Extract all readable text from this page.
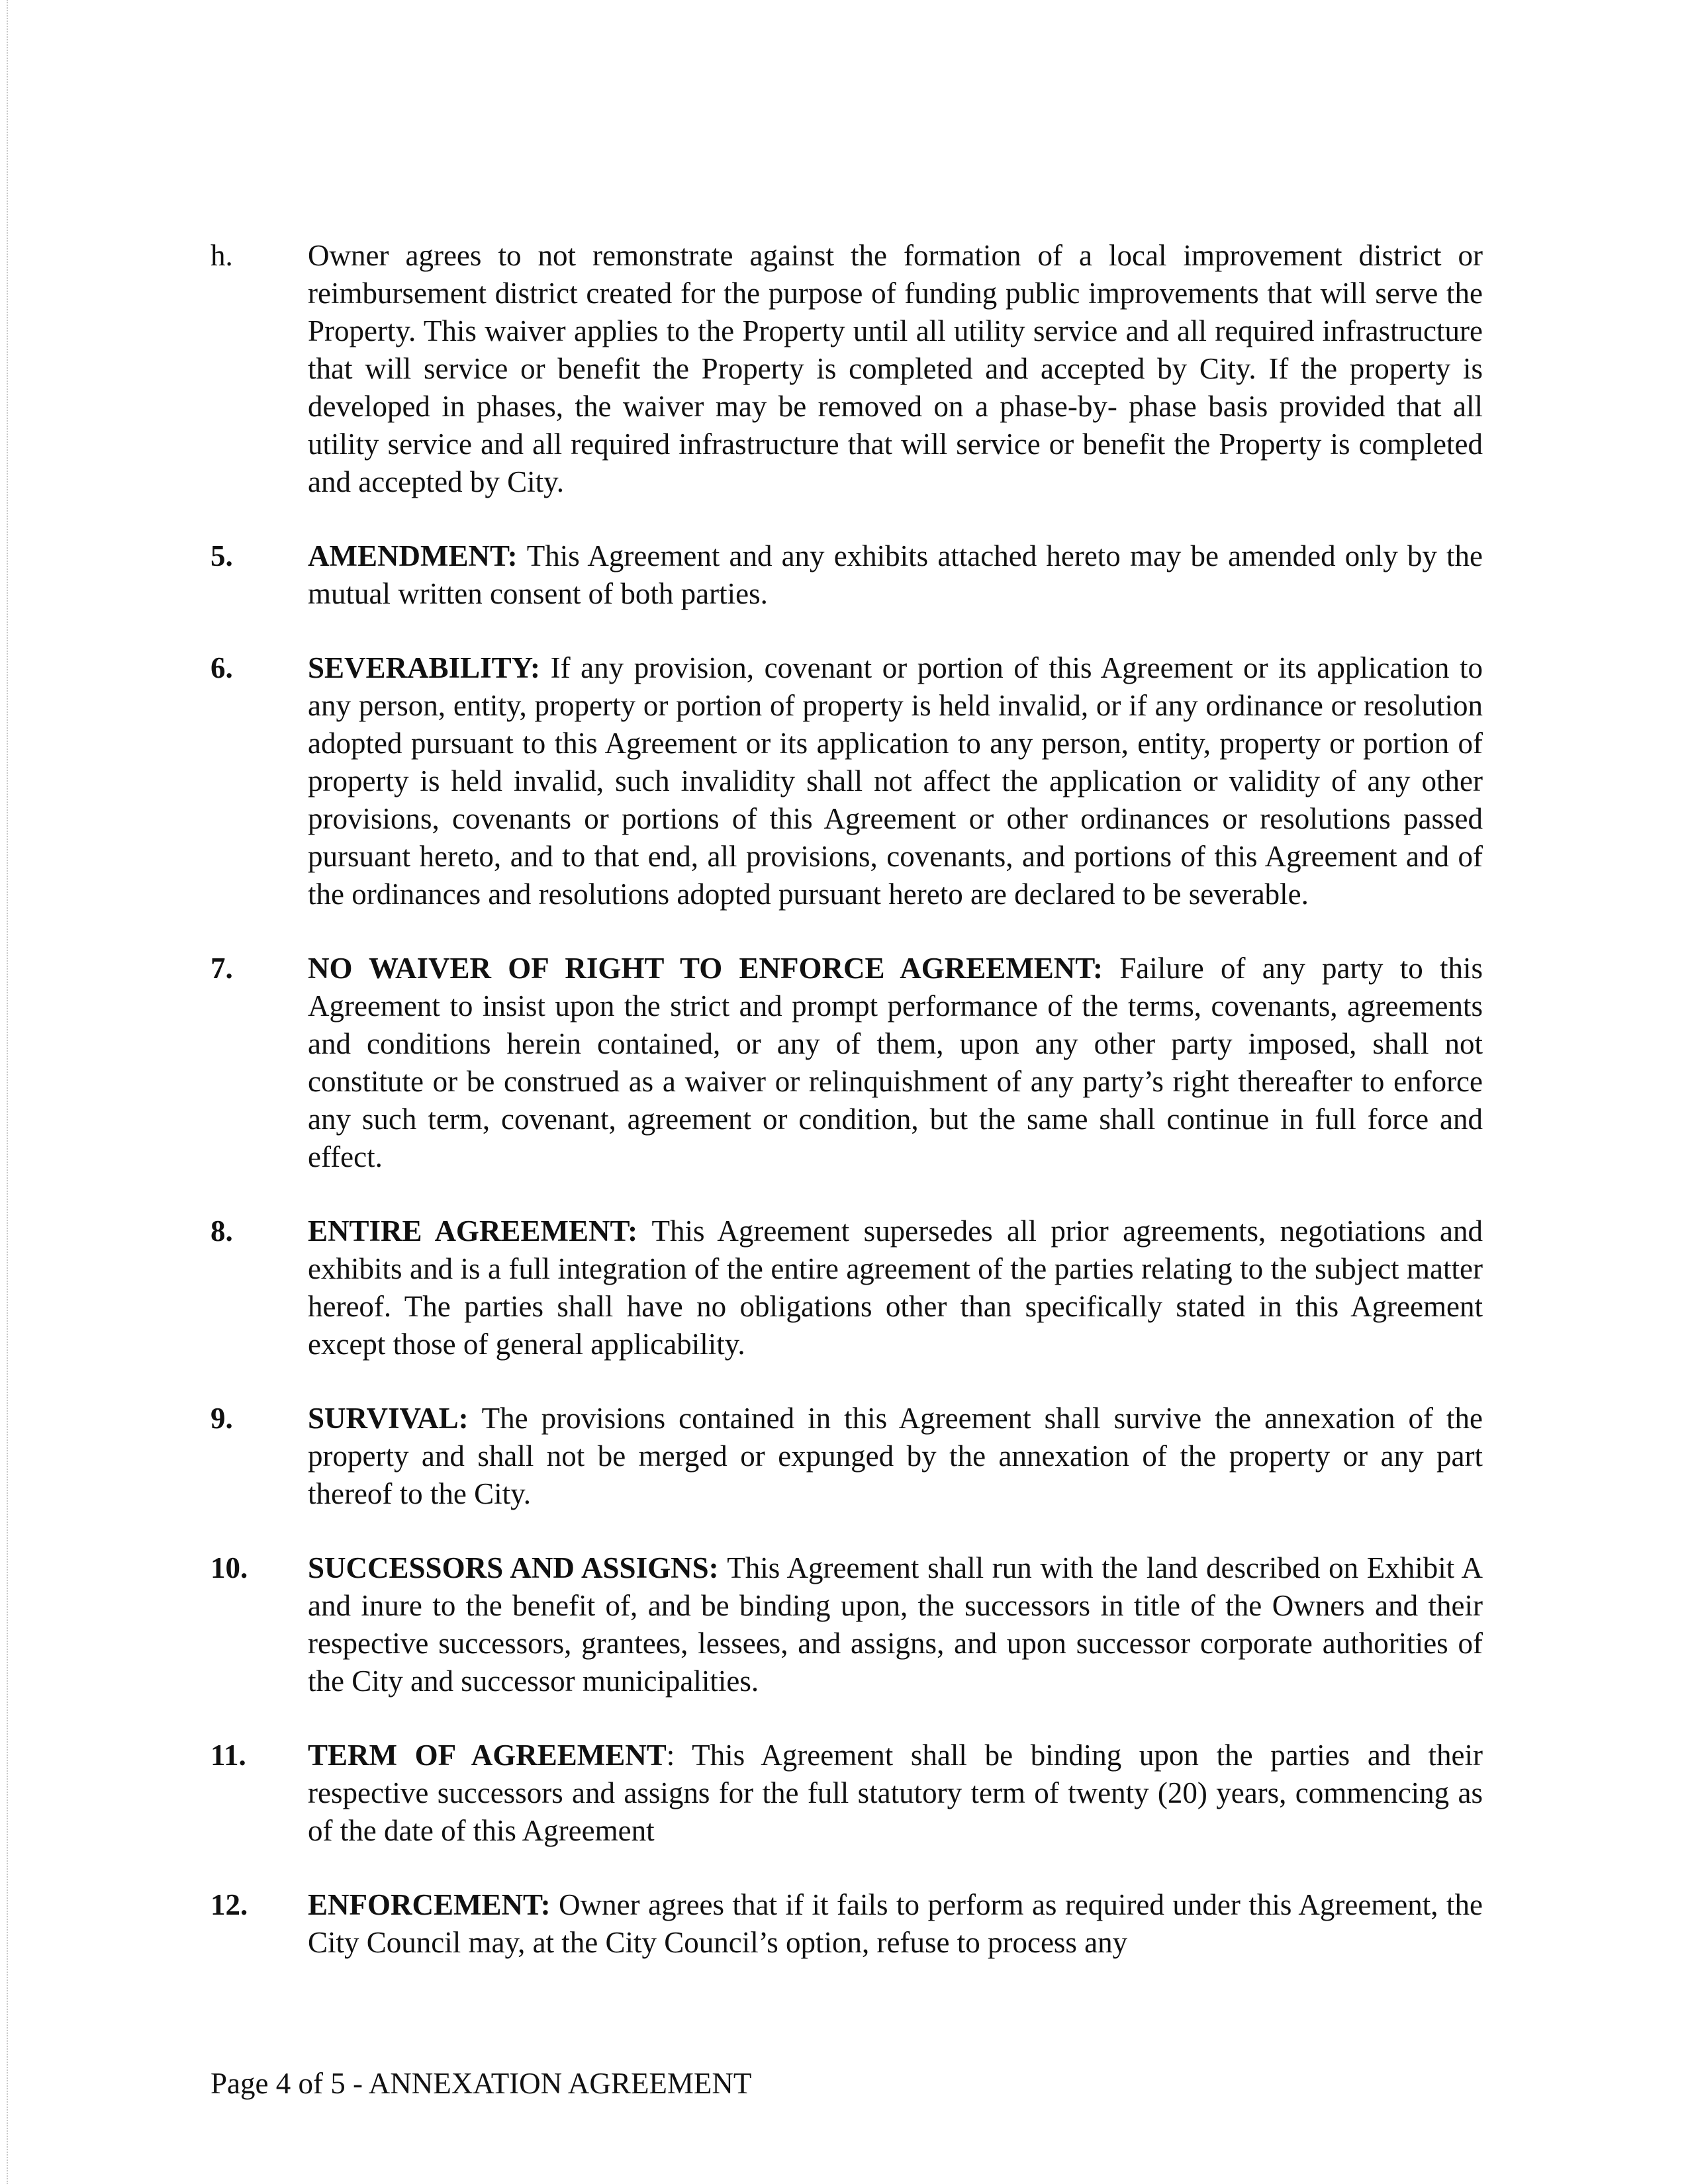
h.	Owner agrees to not remonstrate against the formation of a local improvement district or reimbursement district created for the purpose of funding public improvements that will serve the Property. This waiver applies to the Property until all utility service and all required infrastructure that will service or benefit the Property is completed and accepted by City. If the property is developed in phases, the waiver may be removed on a phase-by- phase basis provided that all utility service and all required infrastructure that will service or benefit the Property is completed and accepted by City.
5.	AMENDMENT: This Agreement and any exhibits attached hereto may be amended only by the mutual written consent of both parties.
6.	SEVERABILITY: If any provision, covenant or portion of this Agreement or its application to any person, entity, property or portion of property is held invalid, or if any ordinance or resolution adopted pursuant to this Agreement or its application to any person, entity, property or portion of property is held invalid, such invalidity shall not affect the application or validity of any other provisions, covenants or portions of this Agreement or other ordinances or resolutions passed pursuant hereto, and to that end, all provisions, covenants, and portions of this Agreement and of the ordinances and resolutions adopted pursuant hereto are declared to be severable.
7.	NO WAIVER OF RIGHT TO ENFORCE AGREEMENT: Failure of any party to this Agreement to insist upon the strict and prompt performance of the terms, covenants, agreements and conditions herein contained, or any of them, upon any other party imposed, shall not constitute or be construed as a waiver or relinquishment of any party’s right thereafter to enforce any such term, covenant, agreement or condition, but the same shall continue in full force and effect.
8.	ENTIRE AGREEMENT: This Agreement supersedes all prior agreements, negotiations and exhibits and is a full integration of the entire agreement of the parties relating to the subject matter hereof. The parties shall have no obligations other than specifically stated in this Agreement except those of general applicability.
9.	SURVIVAL: The provisions contained in this Agreement shall survive the annexation of the property and shall not be merged or expunged by the annexation of the property or any part thereof to the City.
10. SUCCESSORS AND ASSIGNS: This Agreement shall run with the land described on Exhibit A and inure to the benefit of, and be binding upon, the successors in title of the Owners and their respective successors, grantees, lessees, and assigns, and upon successor corporate authorities of the City and successor municipalities.
11. TERM OF AGREEMENT: This Agreement shall be binding upon the parties and their respective successors and assigns for the full statutory term of twenty (20) years, commencing as of the date of this Agreement
12. ENFORCEMENT: Owner agrees that if it fails to perform as required under this Agreement, the City Council may, at the City Council’s option, refuse to process any
Page 4 of 5 - ANNEXATION AGREEMENT
